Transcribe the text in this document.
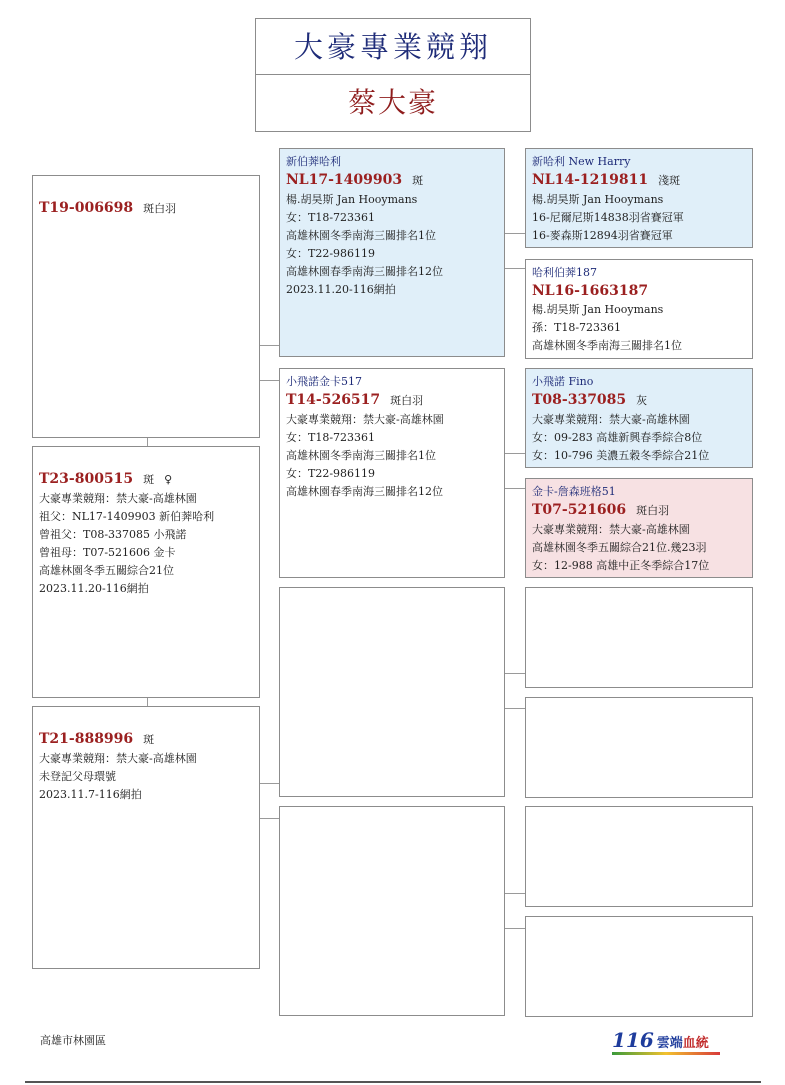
大豪專業競翔
蔡大豪
T19-006698 斑白羽
T23-800515 斑 ♀
大豪專業競翔：禁大豪-高雄林園
祖父：NL17-1409903 新伯莾哈利
曾祖父：T08-337085 小飛諾
曾祖母：T07-521606 金卡
高雄林園冬季五關綜合21位
2023.11.20-116網拍
T21-888996 斑
大豪專業競翔：禁大豪-高雄林園
未登記父母環號
2023.11.7-116網拍
新伯莾哈利
NL17-1409903 斑
楊.胡昊斯 Jan Hooymans
女：T18-723361
高雄林園冬季南海三關排名1位
女：T22-986119
高雄林園春季南海三關排名12位
2023.11.20-116網拍
小飛諾金卡517
T14-526517 斑白羽
大豪專業競翔：禁大豪-高雄林園
女：T18-723361
高雄林園冬季南海三關排名1位
女：T22-986119
高雄林園春季南海三關排名12位
新哈利 New Harry
NL14-1219811 淺斑
楊.胡昊斯 Jan Hooymans
16-尼爾尼斯14838羽省賽冠軍
16-麥森斯12894羽省賽冠軍
哈利伯莾187
NL16-1663187
楊.胡昊斯 Jan Hooymans
孫：T18-723361
高雄林園冬季南海三關排名1位
小飛諾 Fino
T08-337085 灰
大豪專業競翔：禁大豪-高雄林園
女：09-283 高雄新興春季綜合8位
女：10-796 美濃五穀冬季綜合21位
金卡-詹森班格51
T07-521606 斑白羽
大豪專業競翔：禁大豪-高雄林園
高雄林園冬季五關綜合21位.幾23羽
女：12-988 高雄中正冬季綜合17位
高雄市林園區	116 雲端血統
